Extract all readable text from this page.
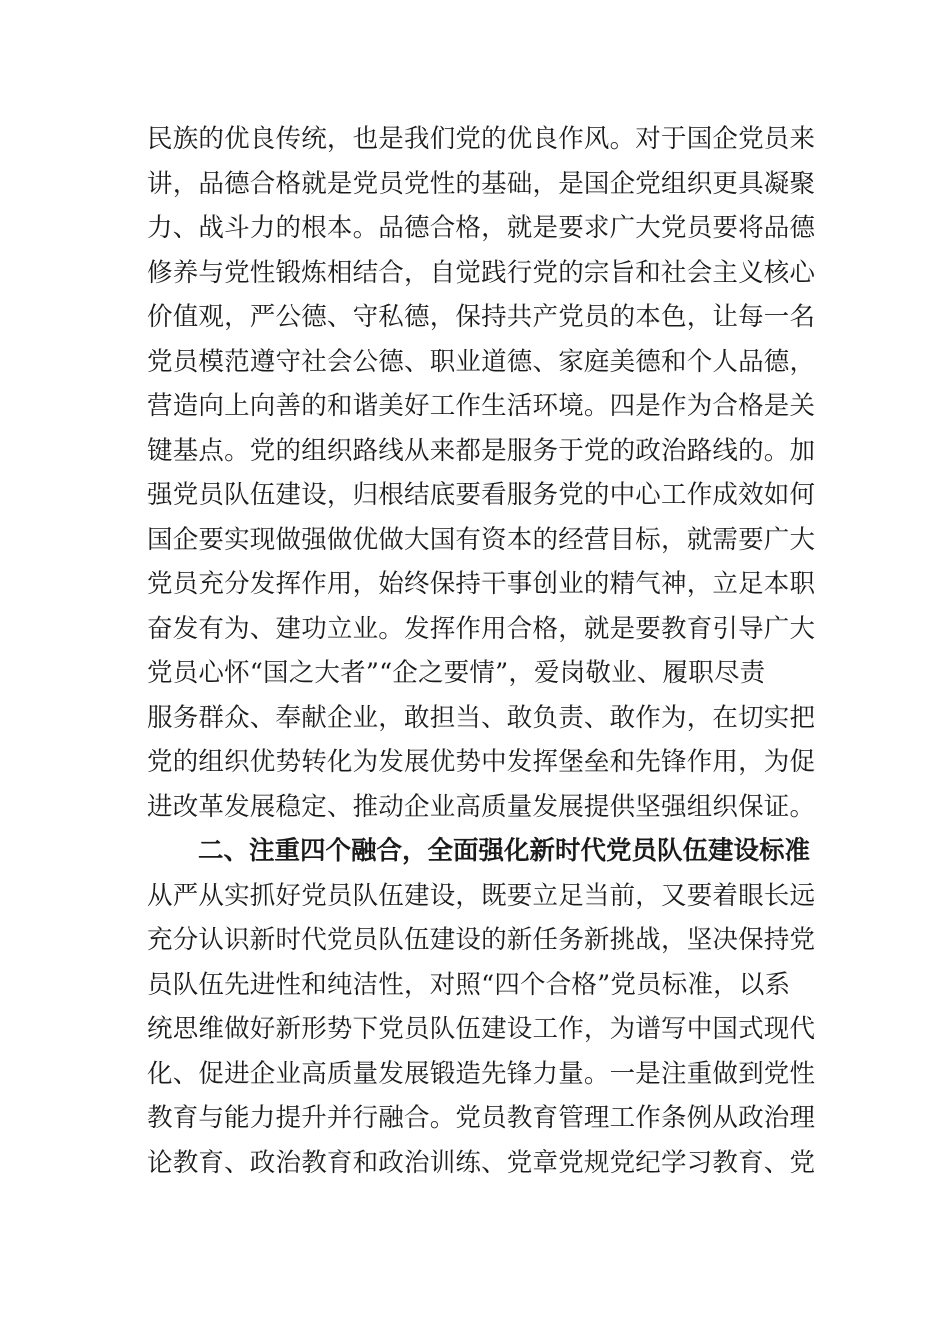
民族的优良传统，也是我们党的优良作风。对于国企党员来
讲，品德合格就是党员党性的基础，是国企党组织更具凝聚
力、战斗力的根本。品德合格，就是要求广大党员要将品德
修养与党性锻炼相结合，自觉践行党的宗旨和社会主义核心
价值观，严公德、守私德，保持共产党员的本色，让每一名
党员模范遵守社会公德、职业道德、家庭美德和个人品德，
营造向上向善的和谐美好工作生活环境。四是作为合格是关
键基点。党的组织路线从来都是服务于党的政治路线的。加
强党员队伍建设，归根结底要看服务党的中心工作成效如何
国企要实现做强做优做大国有资本的经营目标，就需要广大
党员充分发挥作用，始终保持干事创业的精气神，立足本职
奋发有为、建功立业。发挥作用合格，就是要教育引导广大
党员心怀“国之大者”“企之要情”，爱岗敬业、履职尽责
服务群众、奉献企业，敢担当、敢负责、敢作为，在切实把
党的组织优势转化为发展优势中发挥堡垒和先锋作用，为促
进改革发展稳定、推动企业高质量发展提供坚强组织保证。
二、注重四个融合，全面强化新时代党员队伍建设标准
从严从实抓好党员队伍建设，既要立足当前，又要着眼长远
充分认识新时代党员队伍建设的新任务新挑战，坚决保持党
员队伍先进性和纯洁性，对照“四个合格”党员标准，以系
统思维做好新形势下党员队伍建设工作，为谱写中国式现代
化、促进企业高质量发展锻造先锋力量。一是注重做到党性
教育与能力提升并行融合。党员教育管理工作条例从政治理
论教育、政治教育和政治训练、党章党规党纪学习教育、党
